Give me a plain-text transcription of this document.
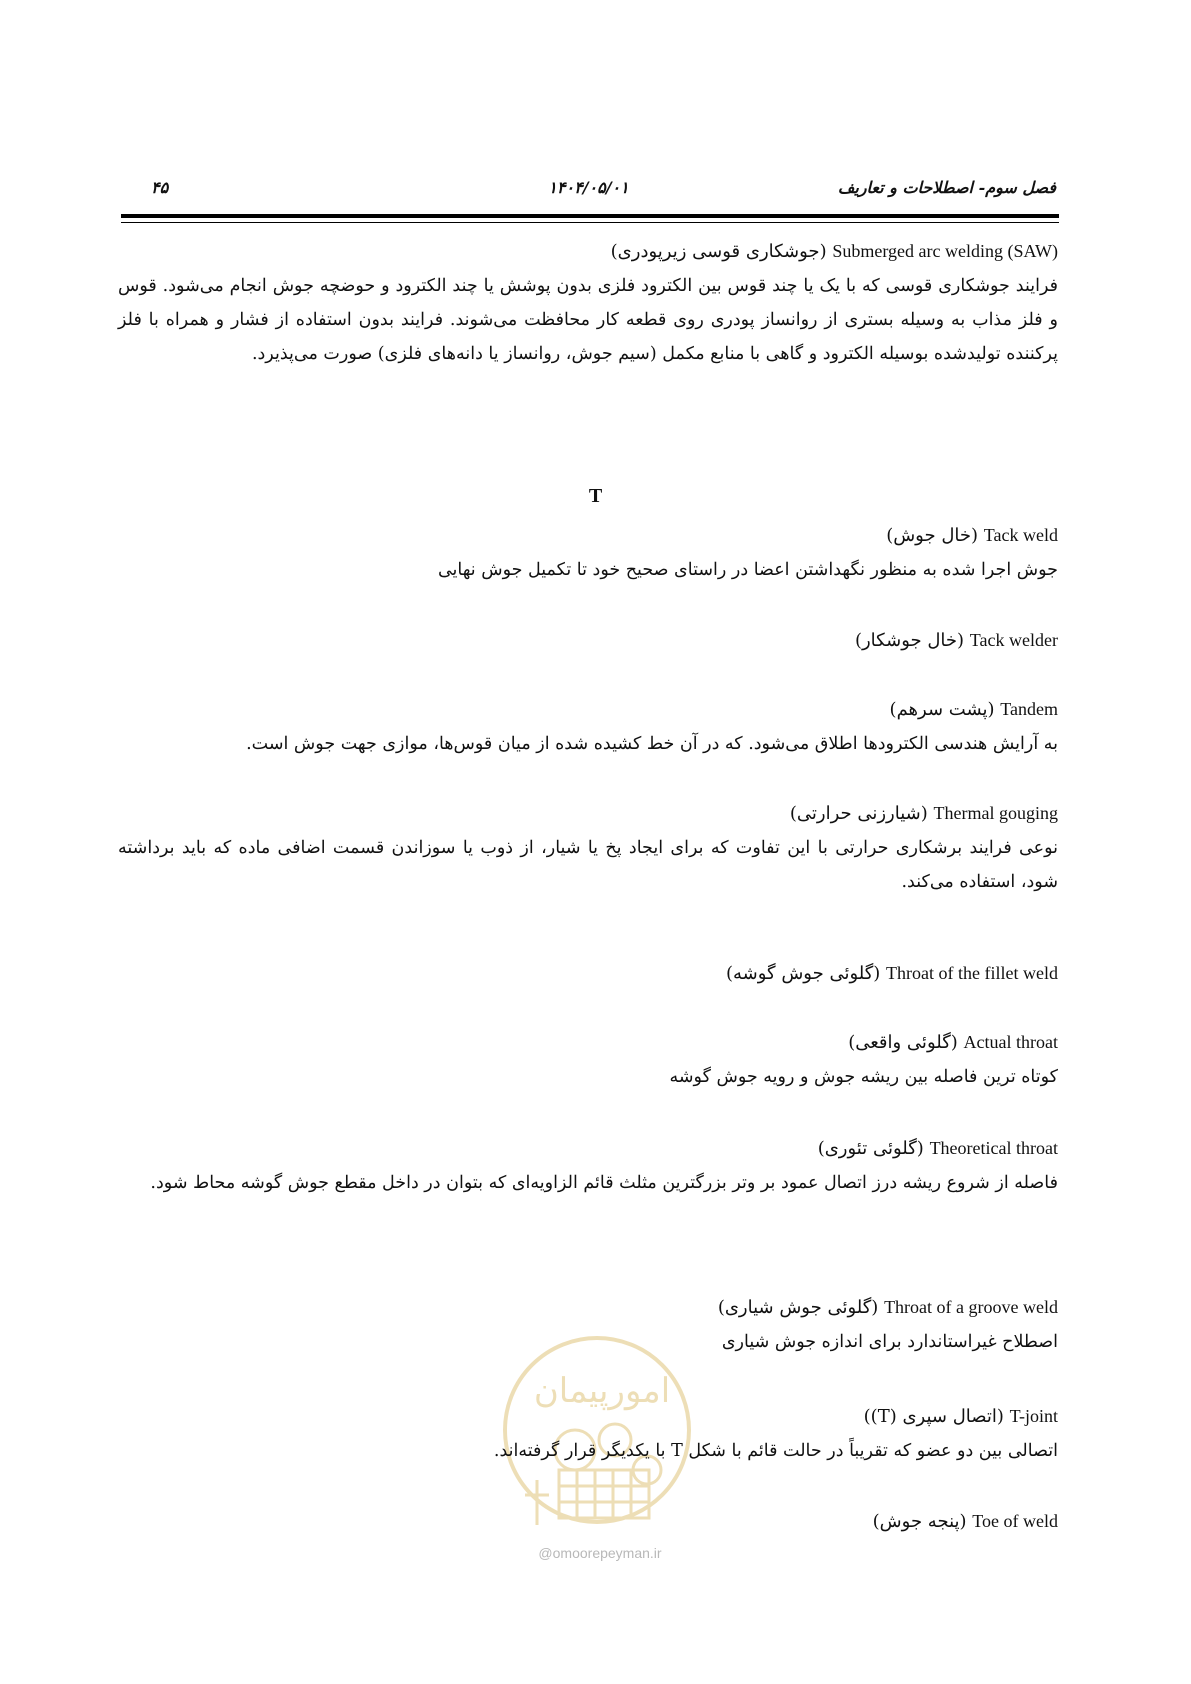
فصل سوم- اصطلاحات و تعاریف
۱۴۰۴/۰۵/۰۱
۴۵
Submerged arc welding (SAW) (جوشکاری قوسی زیرپودری)
فرایند جوشکاری قوسی که با یک یا چند قوس بین الکترود فلزی بدون پوشش یا چند الکترود و حوضچه جوش انجام می‌شود. قوس و فلز مذاب به وسیله بستری از روانساز پودری روی قطعه کار محافظت می‌شوند. فرایند بدون استفاده از فشار و همراه با فلز پرکننده تولیدشده بوسیله الکترود و گاهی با منابع مکمل (سیم جوش، روانساز یا دانه‌های فلزی) صورت می‌پذیرد.
T
Tack weld (خال جوش)
جوش اجرا شده به منظور نگهداشتن اعضا در راستای صحیح خود تا تکمیل جوش نهایی
Tack welder (خال جوشکار)
Tandem (پشت سرهم)
به آرایش هندسی الکترودها اطلاق می‌شود. که در آن خط کشیده شده از میان قوس‌ها، موازی جهت جوش است.
Thermal gouging (شیارزنی حرارتی)
نوعی فرایند برشکاری حرارتی با این تفاوت که برای ایجاد پخ یا شیار، از ذوب یا سوزاندن قسمت اضافی ماده که باید برداشته شود، استفاده می‌کند.
Throat of the fillet weld (گلوئی جوش گوشه)
Actual throat (گلوئی واقعی)
کوتاه ترین فاصله بین ریشه جوش و رویه جوش گوشه
Theoretical throat (گلوئی تئوری)
فاصله از شروع ریشه درز اتصال عمود بر وتر بزرگترین مثلث قائم الزاویه‌ای که بتوان در داخل مقطع جوش گوشه محاط شود.
Throat of a groove weld (گلوئی جوش شیاری)
اصطلاح غیراستاندارد برای اندازه جوش شیاری
امورپیمان
T-joint (اتصال سپری (T))
اتصالی بین دو عضو که تقریباً در حالت قائم با شکل T با یکدیگر قرار گرفته‌اند.
Toe of weld (پنجه جوش)
@omoorepeyman.ir
